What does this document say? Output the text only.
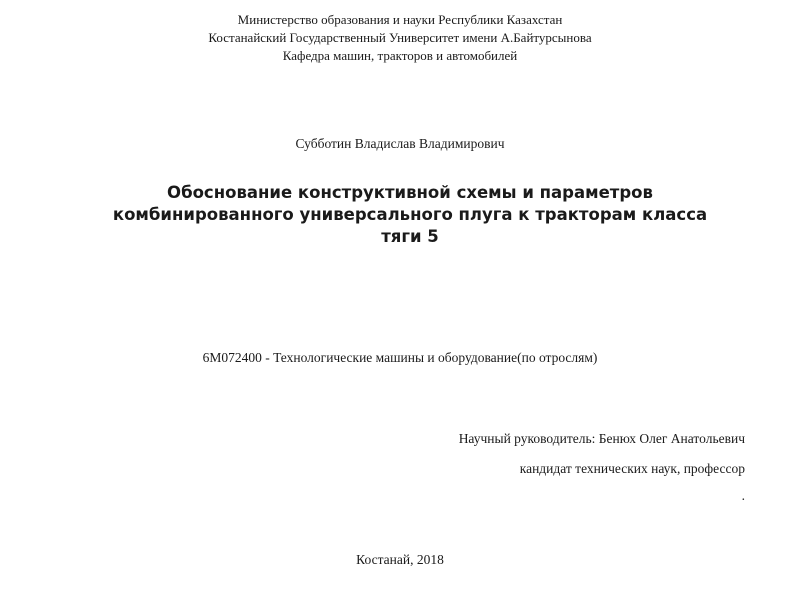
Министерство образования и науки Республики Казахстан
Костанайский Государственный Университет имени А.Байтурсынова
Кафедра машин, тракторов и автомобилей
Субботин Владислав Владимирович
Обоснование конструктивной схемы и параметров
комбинированного универсального плуга к тракторам класса
тяги 5
6М072400 - Технологические машины и оборудование(по отрослям)
Научный руководитель: Бенюх Олег Анатольевич
кандидат технических наук, профессор
.
Костанай, 2018
